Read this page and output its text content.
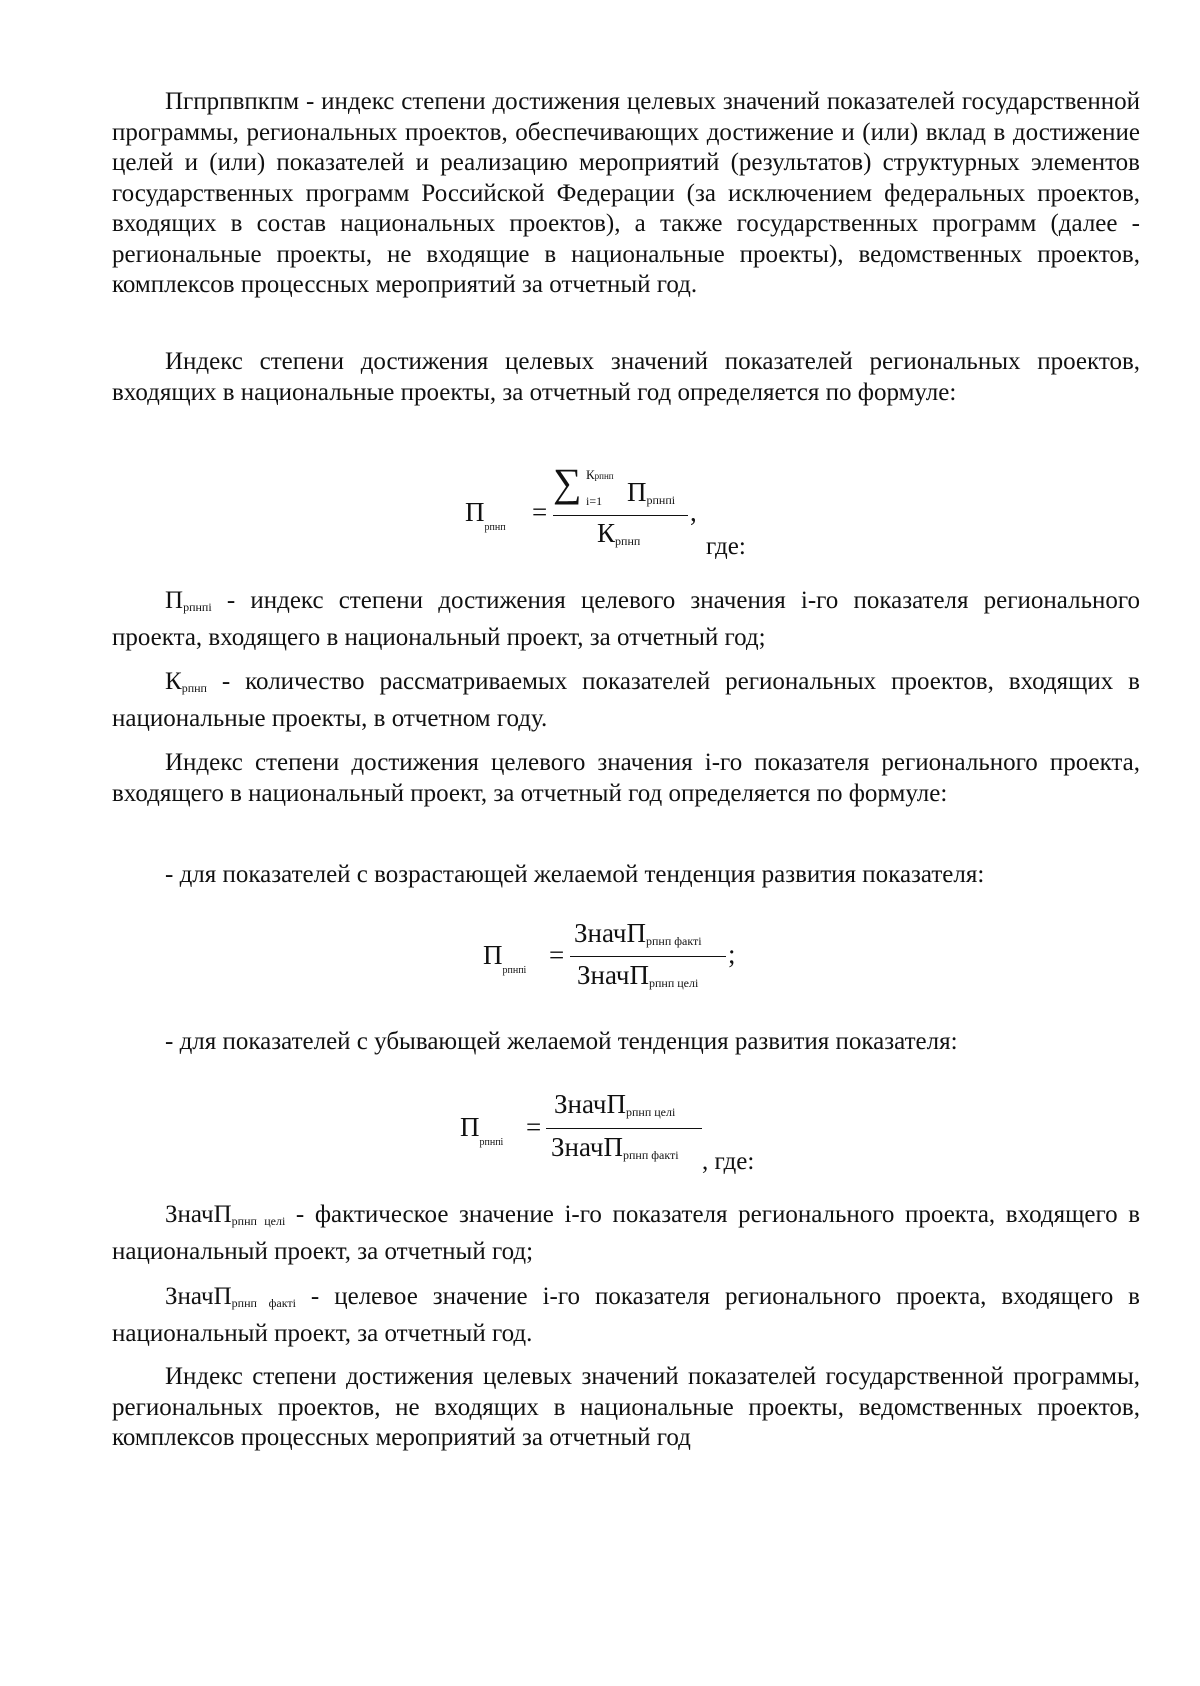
Пгпрпвпкпм - индекс степени достижения целевых значений показателей государственной программы, региональных проектов, обеспечивающих достижение и (или) вклад в достижение целей и (или) показателей и реализацию мероприятий (результатов) структурных элементов государственных программ Российской Федерации (за исключением федеральных проектов, входящих в состав национальных проектов), а также государственных программ (далее - региональные проекты, не входящие в национальные проекты), ведомственных проектов, комплексов процессных мероприятий за отчетный год.
Индекс степени достижения целевых значений показателей региональных проектов, входящих в национальные проекты, за отчетный год определяется по формуле:
$П_{рпнп}$
=
∑ Крпнп
i=1 $П_{рпнпі}$
$К_{рпнп}$
,
где:
$П_{рпнпі}$ - индекс степени достижения целевого значения і-го показателя регионального проекта, входящего в национальный проект, за отчетный год;
$К_{рпнп}$ - количество рассматриваемых показателей региональных проектов, входящих в национальные проекты, в отчетном году.
Индекс степени достижения целевого значения і-го показателя регионального проекта, входящего в национальный проект, за отчетный год определяется по формуле:
- для показателей с возрастающей желаемой тенденция развития показателя:
$П_{рпнпі}$
=
ЗначП$_{рпнп фактi}$
ЗначП$_{рпнп целі}$
;
- для показателей с убывающей желаемой тенденция развития показателя:
$П_{рпнпі}$
=
ЗначП$_{рпнп целі}$
ЗначП$_{рпнп фактi}$ , где:
ЗначП$_{рпнп целі}$ - фактическое значение і-го показателя регионального проекта, входящего в национальный проект, за отчетный год;
ЗначП$_{рпнп фактi}$ - целевое значение і-го показателя регионального проекта, входящего в национальный проект, за отчетный год.
Индекс степени достижения целевых значений показателей государственной программы, региональных проектов, не входящих в национальные проекты, ведомственных проектов, комплексов процессных мероприятий за отчетный год
